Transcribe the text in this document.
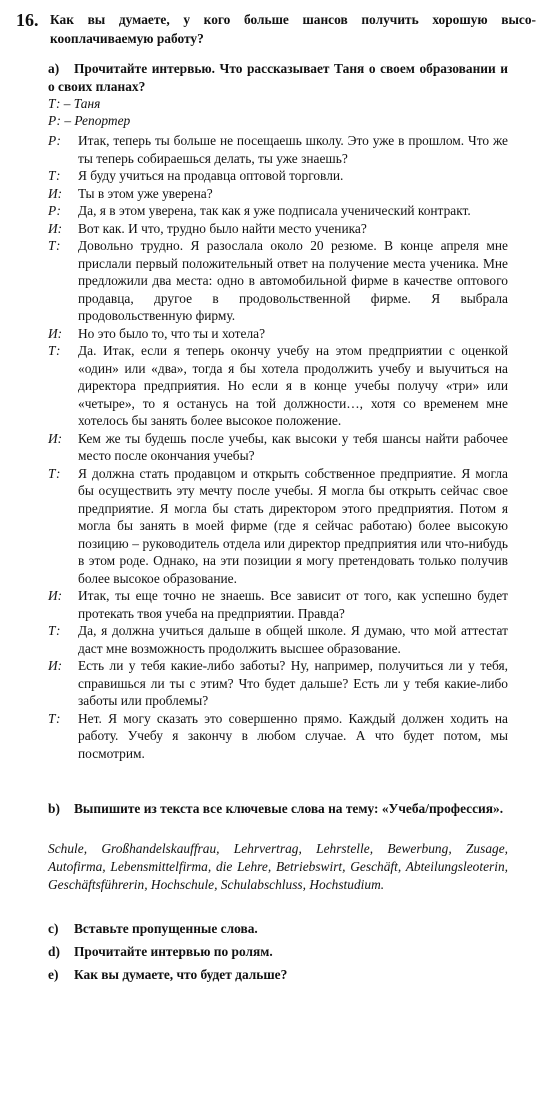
16. Как вы думаете, у кого больше шансов получить хорошую высо-кооплачиваемую работу?
a) Прочитайте интервью. Что рассказывает Таня о своем образовании и о своих планах?
Т: – Таня
Р: – Репортер
Р: Итак, теперь ты больше не посещаешь школу. Это уже в прошлом. Что же ты теперь собираешься делать, ты уже знаешь?
Т: Я буду учиться на продавца оптовой торговли.
И: Ты в этом уже уверена?
Р: Да, я в этом уверена, так как я уже подписала ученический контракт.
И: Вот как. И что, трудно было найти место ученика?
Т: Довольно трудно. Я разослала около 20 резюме. В конце апреля мне прислали первый положительный ответ на получение места ученика. Мне предложили два места: одно в автомобильной фирме в качестве оптового продавца, другое в продовольственной фирме. Я выбрала продовольственную фирму.
И: Но это было то, что ты и хотела?
Т: Да. Итак, если я теперь окончу учебу на этом предприятии с оценкой «один» или «два», тогда я бы хотела продолжить учебу и выучиться на директора предприятия. Но если я в конце учебы получу «три» или «четыре», то я останусь на той должности…, хотя со временем мне хотелось бы занять более высокое положение.
И: Кем же ты будешь после учебы, как высоки у тебя шансы найти рабочее место после окончания учебы?
Т: Я должна стать продавцом и открыть собственное предприятие. Я могла бы осуществить эту мечту после учебы. Я могла бы открыть сейчас свое предприятие. Я могла бы стать директором этого предприятия. Потом я могла бы занять в моей фирме (где я сейчас работаю) более высокую позицию – руководитель отдела или директор предприятия или что-нибудь в этом роде. Однако, на эти позиции я могу претендовать только получив более высокое образование.
И: Итак, ты еще точно не знаешь. Все зависит от того, как успешно будет протекать твоя учеба на предприятии. Правда?
Т: Да, я должна учиться дальше в общей школе. Я думаю, что мой аттестат даст мне возможность продолжить высшее образование.
И: Есть ли у тебя какие-либо заботы? Ну, например, получиться ли у тебя, справишься ли ты с этим? Что будет дальше? Есть ли у тебя какие-либо заботы или проблемы?
Т: Нет. Я могу сказать это совершенно прямо. Каждый должен ходить на работу. Учебу я закончу в любом случае. А что будет потом, мы посмотрим.
b) Выпишите из текста все ключевые слова на тему: «Учеба/профессия».
Schule, Großhandelskauffrau, Lehrvertrag, Lehrstelle, Bewerbung, Zusage, Autofirma, Lebensmittelfirma, die Lehre, Betriebswirt, Geschäft, Abteilungsleoterin, Geschäftsführerin, Hochschule, Schulabschluss, Hochstudium.
c) Вставьте пропущенные слова.
d) Прочитайте интервью по ролям.
e) Как вы думаете, что будет дальше?
